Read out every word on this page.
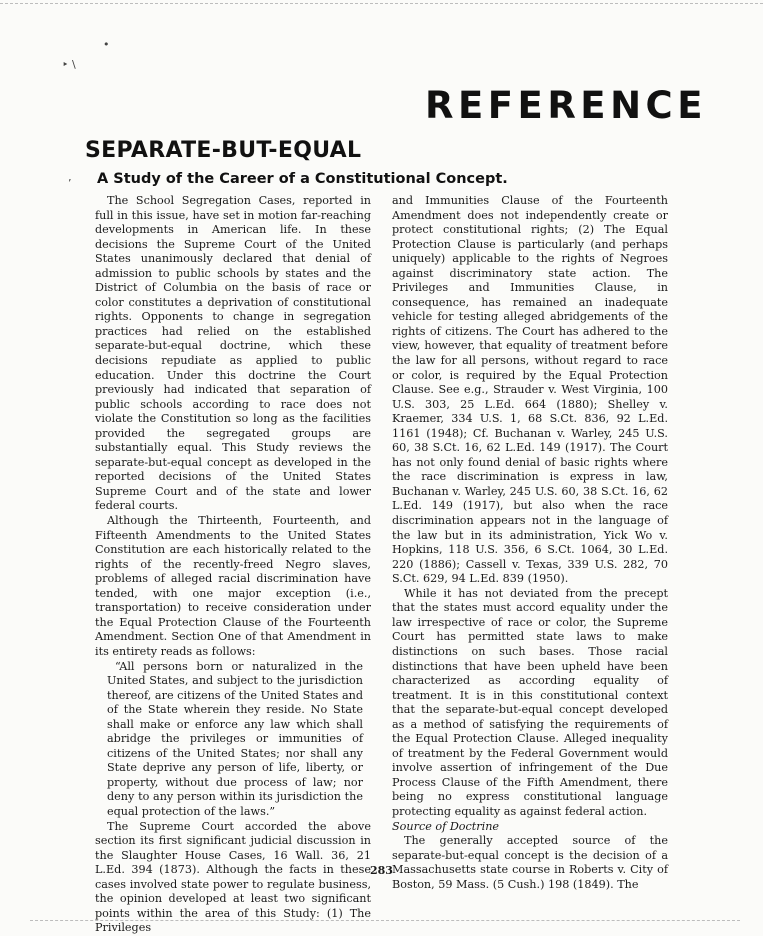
‣ \
•
’
REFERENCE
SEPARATE-BUT-EQUAL
A Study of the Career of a Constitutional Concept.

The School Segregation Cases, reported in full in this issue, have set in motion far-reaching developments in American life. In these decisions the Supreme Court of the United States unanimously declared that denial of admission to public schools by states and the District of Columbia on the basis of race or color constitutes a deprivation of constitutional rights. Opponents to change in segregation practices had relied on the established separate-but-equal doctrine, which these decisions repudiate as applied to public education. Under this doctrine the Court previously had indicated that separation of public schools according to race does not violate the Constitution so long as the facilities provided the segregated groups are substantially equal. This Study reviews the separate-but-equal concept as developed in the reported decisions of the United States Supreme Court and of the state and lower federal courts.

Although the Thirteenth, Fourteenth, and Fifteenth Amendments to the United States Constitution are each historically related to the rights of the recently-freed Negro slaves, problems of alleged racial discrimination have tended, with one major exception (i.e., transportation) to receive consideration under the Equal Protection Clause of the Fourteenth Amendment. Section One of that Amendment in its entirety reads as follows:

“All persons born or naturalized in the United States, and subject to the jurisdiction thereof, are citizens of the United States and of the State wherein they reside. No State shall make or enforce any law which shall abridge the privileges or immunities of citizens of the United States; nor shall any State deprive any person of life, liberty, or property, without due process of law; nor deny to any person within its jurisdiction the equal protection of the laws.”

The Supreme Court accorded the above section its first significant judicial discussion in the Slaughter House Cases, 16 Wall. 36, 21 L.Ed. 394 (1873). Although the facts in these cases involved state power to regulate business, the opinion developed at least two significant points within the area of this Study: (1) The Privileges

and Immunities Clause of the Fourteenth Amendment does not independently create or protect constitutional rights; (2) The Equal Protection Clause is particularly (and perhaps uniquely) applicable to the rights of Negroes against discriminatory state action. The Privileges and Immunities Clause, in consequence, has remained an inadequate vehicle for testing alleged abridgements of the rights of citizens. The Court has adhered to the view, however, that equality of treatment before the law for all persons, without regard to race or color, is required by the Equal Protection Clause. See e.g., Strauder v. West Virginia, 100 U.S. 303, 25 L.Ed. 664 (1880); Shelley v. Kraemer, 334 U.S. 1, 68 S.Ct. 836, 92 L.Ed. 1161 (1948); Cf. Buchanan v. Warley, 245 U.S. 60, 38 S.Ct. 16, 62 L.Ed. 149 (1917). The Court has not only found denial of basic rights where the race discrimination is express in law, Buchanan v. Warley, 245 U.S. 60, 38 S.Ct. 16, 62 L.Ed. 149 (1917), but also when the race discrimination appears not in the language of the law but in its administration, Yick Wo v. Hopkins, 118 U.S. 356, 6 S.Ct. 1064, 30 L.Ed. 220 (1886); Cassell v. Texas, 339 U.S. 282, 70 S.Ct. 629, 94 L.Ed. 839 (1950).

While it has not deviated from the precept that the states must accord equality under the law irrespective of race or color, the Supreme Court has permitted state laws to make distinctions on such bases. Those racial distinctions that have been upheld have been characterized as according equality of treatment. It is in this constitutional context that the separate-but-equal concept developed as a method of satisfying the requirements of the Equal Protection Clause. Alleged inequality of treatment by the Federal Government would involve assertion of infringement of the Due Process Clause of the Fifth Amendment, there being no express constitutional language protecting equality as against federal action.

Source of Doctrine

The generally accepted source of the separate-but-equal concept is the decision of a Massachusetts state course in Roberts v. City of Boston, 59 Mass. (5 Cush.) 198 (1849). The

283
